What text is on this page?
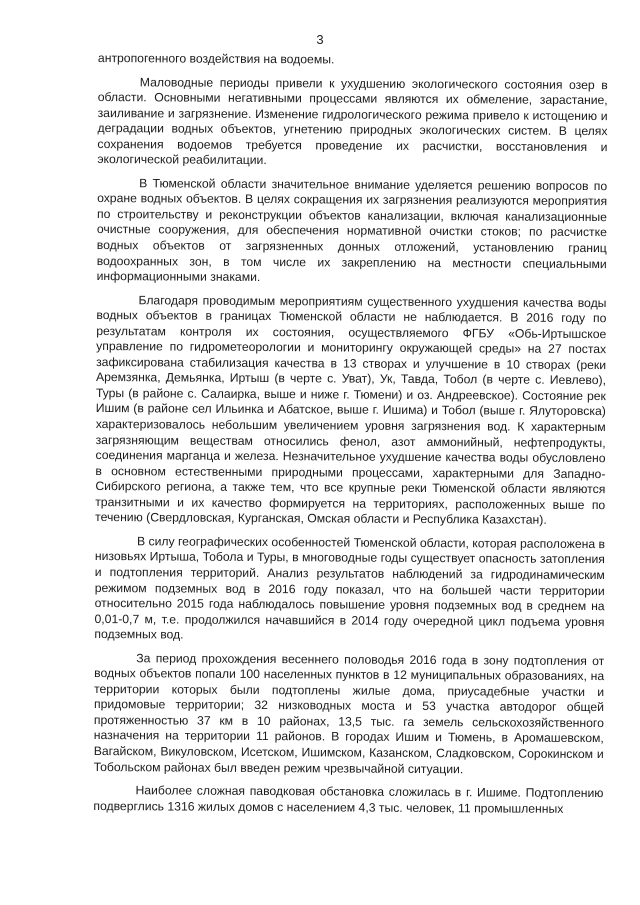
3

антропогенного воздействия на водоемы.

Маловодные периоды привели к ухудшению экологического состояния озер в области. Основными негативными процессами являются их обмеление, зарастание, заиливание и загрязнение. Изменение гидрологического режима привело к истощению и деградации водных объектов, угнетению природных экологических систем. В целях сохранения водоемов требуется проведение их расчистки, восстановления и экологической реабилитации.

В Тюменской области значительное внимание уделяется решению вопросов по охране водных объектов. В целях сокращения их загрязнения реализуются мероприятия по строительству и реконструкции объектов канализации, включая канализационные очистные сооружения, для обеспечения нормативной очистки стоков; по расчистке водных объектов от загрязненных донных отложений, установлению границ водоохранных зон, в том числе их закреплению на местности специальными информационными знаками.

Благодаря проводимым мероприятиям существенного ухудшения качества воды водных объектов в границах Тюменской области не наблюдается. В 2016 году по результатам контроля их состояния, осуществляемого ФГБУ «Обь-Иртышское управление по гидрометеорологии и мониторингу окружающей среды» на 27 постах зафиксирована стабилизация качества в 13 створах и улучшение в 10 створах (реки Аремзянка, Демьянка, Иртыш (в черте с. Уват), Ук, Тавда, Тобол (в черте с. Иевлево), Туры (в районе с. Салаирка, выше и ниже г. Тюмени) и оз. Андреевское). Состояние рек Ишим (в районе сел Ильинка и Абатское, выше г. Ишима) и Тобол (выше г. Ялуторовска) характеризовалось небольшим увеличением уровня загрязнения вод. К характерным загрязняющим веществам относились фенол, азот аммонийный, нефтепродукты, соединения марганца и железа. Незначительное ухудшение качества воды обусловлено в основном естественными природными процессами, характерными для Западно-Сибирского региона, а также тем, что все крупные реки Тюменской области являются транзитными и их качество формируется на территориях, расположенных выше по течению (Свердловская, Курганская, Омская области и Республика Казахстан).

В силу географических особенностей Тюменской области, которая расположена в низовьях Иртыша, Тобола и Туры, в многоводные годы существует опасность затопления и подтопления территорий. Анализ результатов наблюдений за гидродинамическим режимом подземных вод в 2016 году показал, что на большей части территории относительно 2015 года наблюдалось повышение уровня подземных вод в среднем на 0,01-0,7 м, т.е. продолжился начавшийся в 2014 году очередной цикл подъема уровня подземных вод.

За период прохождения весеннего половодья 2016 года в зону подтопления от водных объектов попали 100 населенных пунктов в 12 муниципальных образованиях, на территории которых были подтоплены жилые дома, приусадебные участки и придомовые территории; 32 низководных моста и 53 участка автодорог общей протяженностью 37 км в 10 районах, 13,5 тыс. га земель сельскохозяйственного назначения на территории 11 районов. В городах Ишим и Тюмень, в Аромашевском, Вагайском, Викуловском, Исетском, Ишимском, Казанском, Сладковском, Сорокинском и Тобольском районах был введен режим чрезвычайной ситуации.

Наиболее сложная паводковая обстановка сложилась в г. Ишиме. Подтоплению подверглись 1316 жилых домов с населением 4,3 тыс. человек, 11 промышленных
